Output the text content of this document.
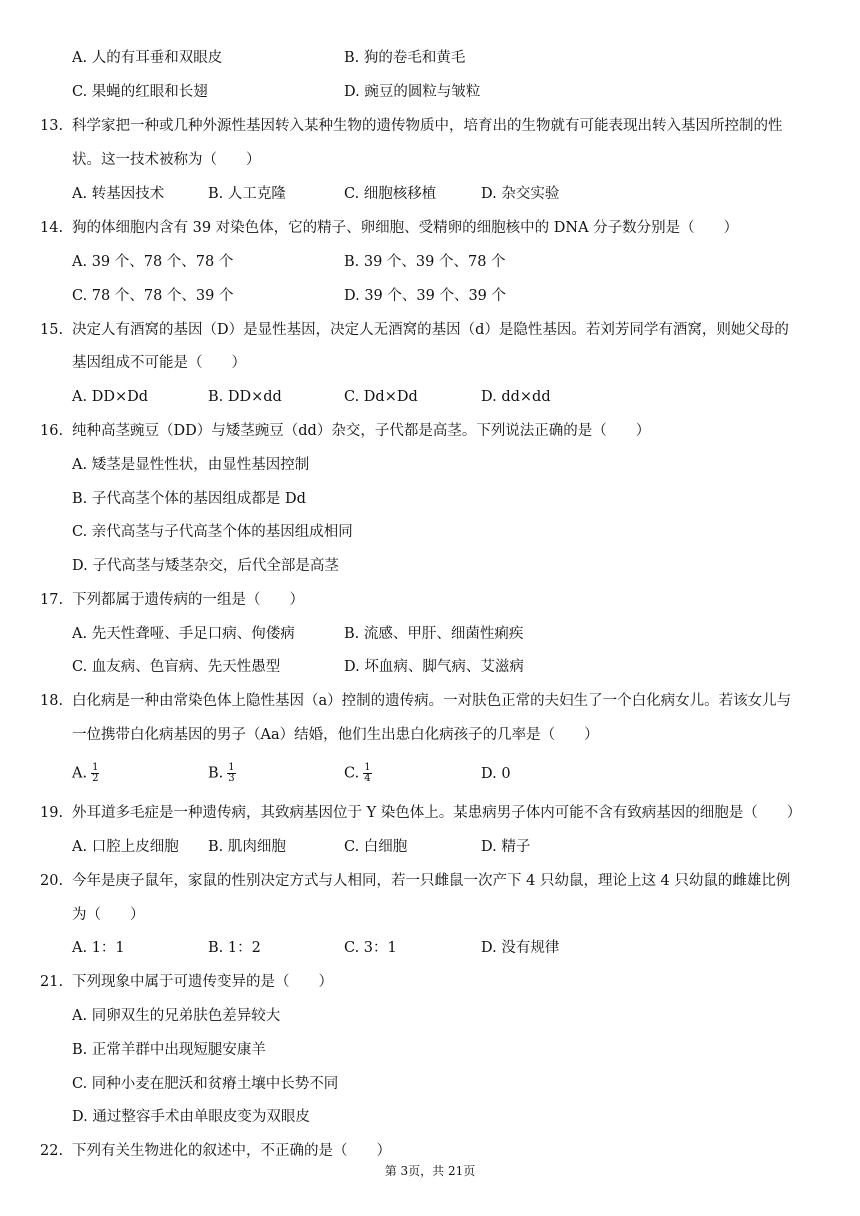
A. 人的有耳垂和双眼皮	B. 狗的卷毛和黄毛
C. 果蝇的红眼和长翅	D. 豌豆的圆粒与皱粒
13. 科学家把一种或几种外源性基因转入某种生物的遗传物质中，培育出的生物就有可能表现出转入基因所控制的性
状。这一技术被称为（　　）
A. 转基因技术	B. 人工克隆	C. 细胞核移植	D. 杂交实验
14. 狗的体细胞内含有 39 对染色体，它的精子、卵细胞、受精卵的细胞核中的 DNA 分子数分别是（　　）
A. 39 个、78 个、78 个	B. 39 个、39 个、78 个
C. 78 个、78 个、39 个	D. 39 个、39 个、39 个
15. 决定人有酒窝的基因（D）是显性基因，决定人无酒窝的基因（d）是隐性基因。若刘芳同学有酒窝，则她父母的
基因组成不可能是（　　）
A. DD×Dd	B. DD×dd	C. Dd×Dd	D. dd×dd
16. 纯种高茎豌豆（DD）与矮茎豌豆（dd）杂交，子代都是高茎。下列说法正确的是（　　）
A. 矮茎是显性性状，由显性基因控制
B. 子代高茎个体的基因组成都是 Dd
C. 亲代高茎与子代高茎个体的基因组成相同
D. 子代高茎与矮茎杂交，后代全部是高茎
17. 下列都属于遗传病的一组是（　　）
A. 先天性聋哑、手足口病、佝偻病	B. 流感、甲肝、细菌性痢疾
C. 血友病、色盲病、先天性愚型	D. 坏血病、脚气病、艾滋病
18. 白化病是一种由常染色体上隐性基因（a）控制的遗传病。一对肤色正常的夫妇生了一个白化病女儿。若该女儿与
一位携带白化病基因的男子（Aa）结婚，他们生出患白化病孩子的几率是（　　）
A. $\frac{1}{2}$	B. $\frac{1}{3}$	C. $\frac{1}{4}$	D. 0
19. 外耳道多毛症是一种遗传病，其致病基因位于 Y 染色体上。某患病男子体内可能不含有致病基因的细胞是（　　）
A. 口腔上皮细胞 B. 肌肉细胞	C. 白细胞	D. 精子
20. 今年是庚子鼠年，家鼠的性别决定方式与人相同，若一只雌鼠一次产下 4 只幼鼠，理论上这 4 只幼鼠的雌雄比例
为（　　）
A. 1：1	B. 1：2	C. 3：1	D. 没有规律
21. 下列现象中属于可遗传变异的是（　　）
A. 同卵双生的兄弟肤色差异较大
B. 正常羊群中出现短腿安康羊
C. 同种小麦在肥沃和贫瘠土壤中长势不同
D. 通过整容手术由单眼皮变为双眼皮
22. 下列有关生物进化的叙述中，不正确的是（　　）
第 3页，共 21页
